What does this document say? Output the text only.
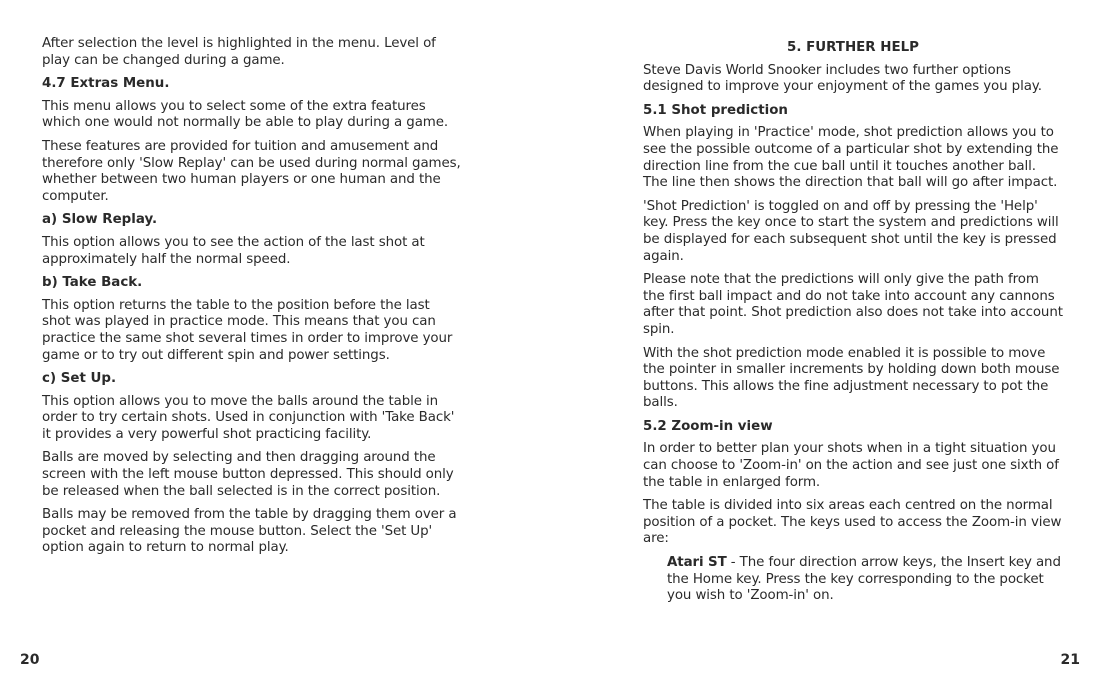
After selection the level is highlighted in the menu. Level of play can be changed during a game.

4.7 Extras Menu.

This menu allows you to select some of the extra features which one would not normally be able to play during a game.

These features are provided for tuition and amusement and therefore only 'Slow Replay' can be used during normal games, whether between two human players or one human and the computer.

a) Slow Replay.

This option allows you to see the action of the last shot at approximately half the normal speed.

b) Take Back.

This option returns the table to the position before the last shot was played in practice mode. This means that you can practice the same shot several times in order to improve your game or to try out different spin and power settings.

c) Set Up.

This option allows you to move the balls around the table in order to try certain shots. Used in conjunction with 'Take Back' it provides a very powerful shot practicing facility.

Balls are moved by selecting and then dragging around the screen with the left mouse button depressed. This should only be released when the ball selected is in the correct position.

Balls may be removed from the table by dragging them over a pocket and releasing the mouse button. Select the 'Set Up' option again to return to normal play.

20
5. FURTHER HELP

Steve Davis World Snooker includes two further options designed to improve your enjoyment of the games you play.

5.1 Shot prediction

When playing in 'Practice' mode, shot prediction allows you to see the possible outcome of a particular shot by extending the direction line from the cue ball until it touches another ball. The line then shows the direction that ball will go after impact.

'Shot Prediction' is toggled on and off by pressing the 'Help' key. Press the key once to start the system and predictions will be displayed for each subsequent shot until the key is pressed again.

Please note that the predictions will only give the path from the first ball impact and do not take into account any cannons after that point. Shot prediction also does not take into account spin.

With the shot prediction mode enabled it is possible to move the pointer in smaller increments by holding down both mouse buttons. This allows the fine adjustment necessary to pot the balls.

5.2 Zoom-in view

In order to better plan your shots when in a tight situation you can choose to 'Zoom-in' on the action and see just one sixth of the table in enlarged form.

The table is divided into six areas each centred on the normal position of a pocket. The keys used to access the Zoom-in view are:

Atari ST - The four direction arrow keys, the Insert key and the Home key. Press the key corresponding to the pocket you wish to 'Zoom-in' on.

21
